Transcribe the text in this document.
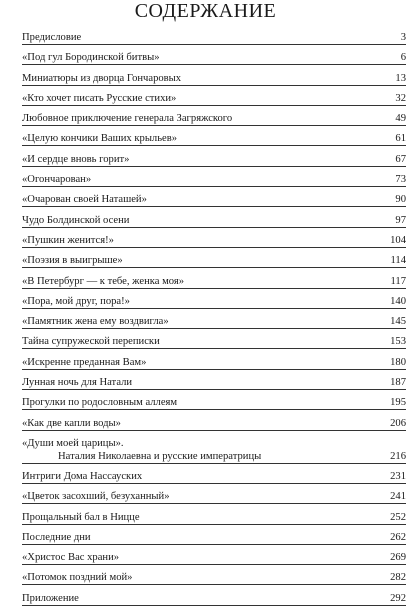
СОДЕРЖАНИЕ
Предисловие	3
«Под гул Бородинской битвы»	6
Миниатюры из дворца Гончаровых	13
«Кто хочет писать Русские стихи»	32
Любовное приключение генерала Загряжского	49
«Целую кончики Ваших крыльев»	61
«И сердце вновь горит»	67
«Огончарован»	73
«Очарован своей Наташей»	90
Чудо Болдинской осени	97
«Пушкин женится!»	104
«Поэзия в выигрыше»	114
«В Петербург — к тебе, женка моя»	117
«Пора, мой друг, пора!»	140
«Памятник жена ему воздвигла»	145
Тайна супружеской переписки	153
«Искренне преданная Вам»	180
Лунная ночь для Натали	187
Прогулки по родословным аллеям	195
«Как две капли воды»	206
«Души моей царицы».
Наталия Николаевна и русские императрицы	216
Интриги Дома Нассауских	231
«Цветок засохший, безуханный»	241
Прощальный бал в Ницце	252
Последние дни	262
«Христос Вас храни»	269
«Потомок поздний мой»	282
Приложение	292
